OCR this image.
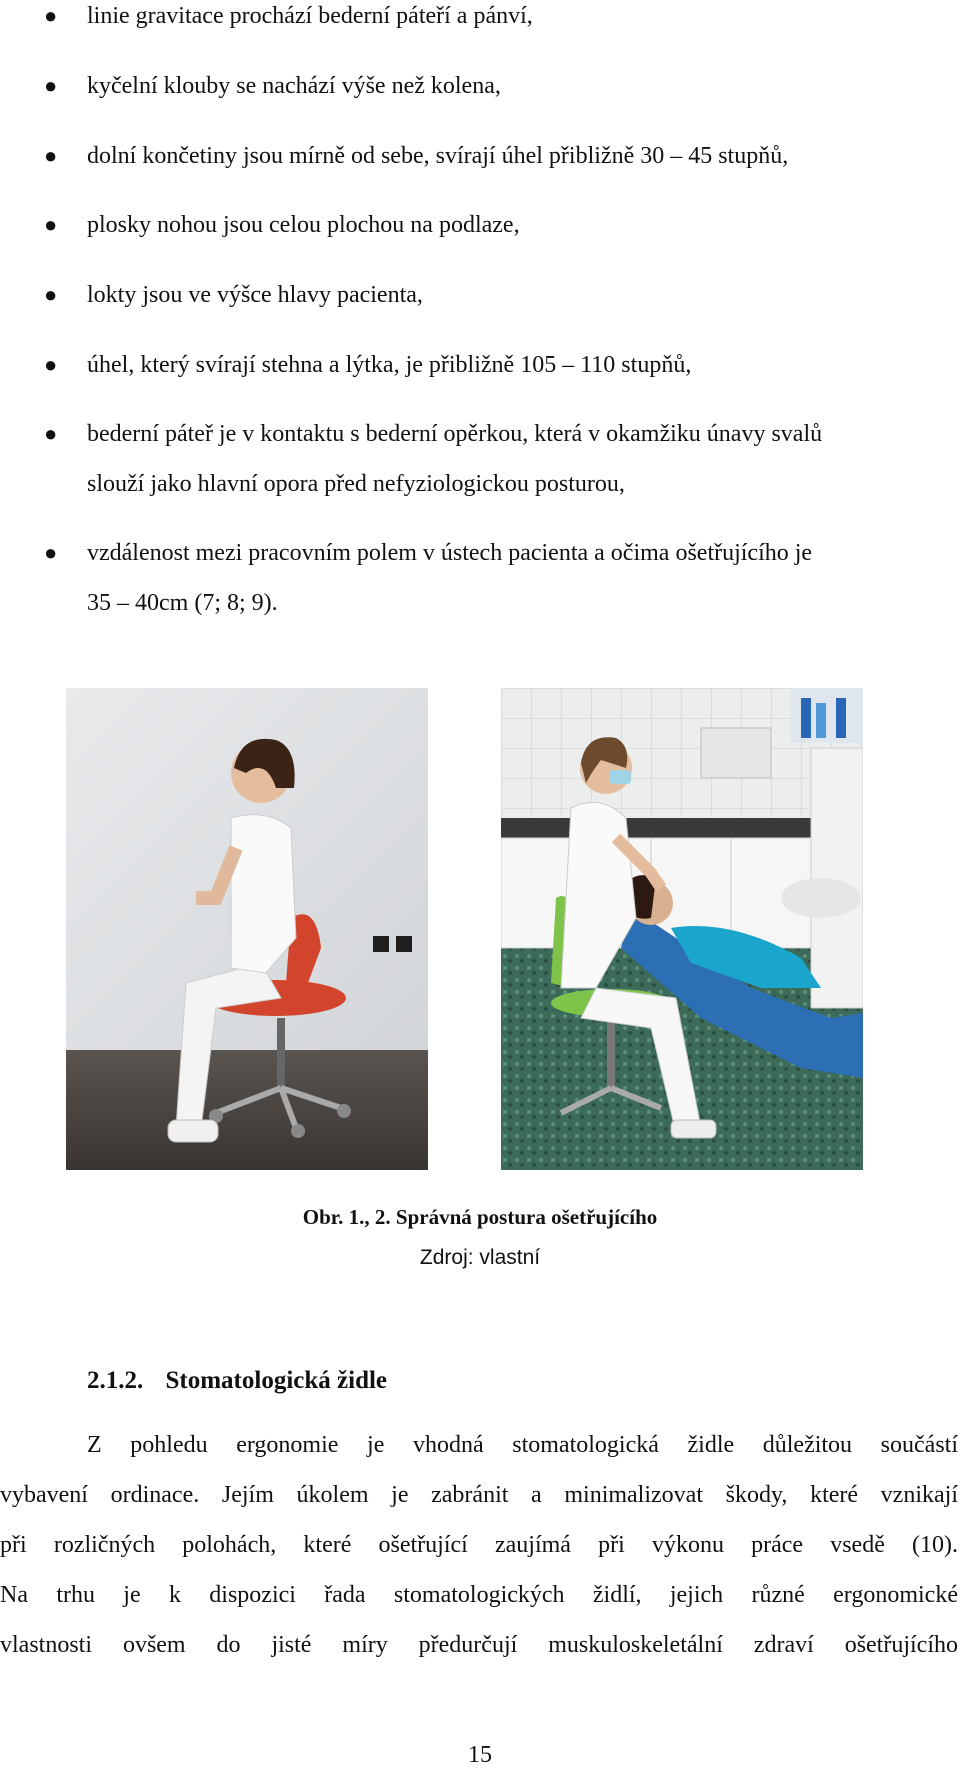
● linie gravitace prochází bederní páteří a pánví,
● kyčelní klouby se nachází výše než kolena,
● dolní končetiny jsou mírně od sebe, svírají úhel přibližně 30 – 45 stupňů,
● plosky nohou jsou celou plochou na podlaze,
● lokty jsou ve výšce hlavy pacienta,
● úhel, který svírají stehna a lýtka, je přibližně 105 – 110 stupňů,
● bederní páteř je v kontaktu s bederní opěrkou, která v okamžiku únavy svalů
slouží jako hlavní opora před nefyziologickou posturou,
● vzdálenost mezi pracovním polem v ústech pacienta a očima ošetřujícího je
35 – 40cm (7; 8; 9).
Obr. 1., 2. Správná postura ošetřujícího
Zdroj: vlastní
2.1.2. Stomatologická židle
Z pohledu ergonomie je vhodná stomatologická židle důležitou součástí
vybavení ordinace. Jejím úkolem je zabránit a minimalizovat škody, které vznikají
při rozličných polohách, které ošetřující zaujímá při výkonu práce vsedě (10).
Na trhu je k dispozici řada stomatologických židlí, jejich různé ergonomické
vlastnosti ovšem do jisté míry předurčují muskuloskeletální zdraví ošetřujícího
15
